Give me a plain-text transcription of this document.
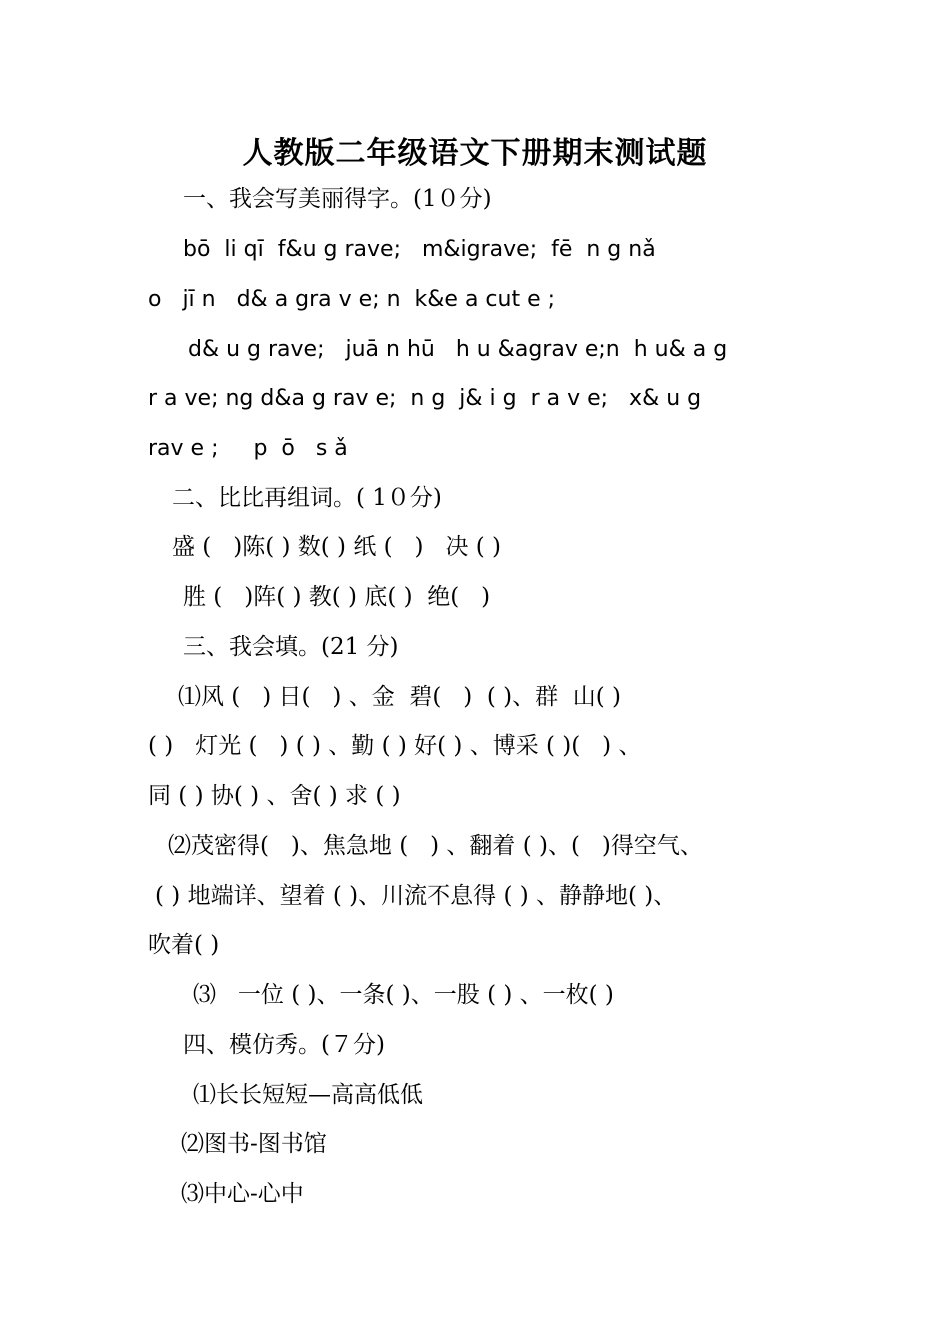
人教版二年级语文下册期末测试题
一、我会写美丽得字。(1０分)
bō  li qī  f&u g rave;   m&igrave;  fē  n g nǎ
o   jī n   d& a gra v e; n  k&e a cut e ;
d& u g rave;   juā n hū   h u &agrav e;n  h u& a g
r a ve; ng d&a g rav e;  n g  j& i g  r a v e;   x& u g
rav e ;     p  ō   s ǎ
二、比比再组词。( 1０分)
盛 (   )陈( ) 数( ) 纸 (   )   决 ( )
胜 (   )阵( ) 教( ) 底( )  绝(   )
三、我会填。(21 分)
⑴风 (   ) 日(   ) 、金  碧(   )  ( )、群  山( )
( )   灯光 (   ) ( ) 、勤 ( ) 好( ) 、博采 ( )(   ) 、
同 ( ) 协( ) 、舍( ) 求 ( )
⑵茂密得(   )、焦急地 (   ) 、翻着 ( )、(   )得空气、
( ) 地端详、望着 ( )、川流不息得 ( ) 、静静地( )、
吹着( )
⑶   一位 ( )、一条( )、一股 ( ) 、一枚( )
四、模仿秀。(７分)
⑴长长短短—高高低低
⑵图书-图书馆
⑶中心-心中
